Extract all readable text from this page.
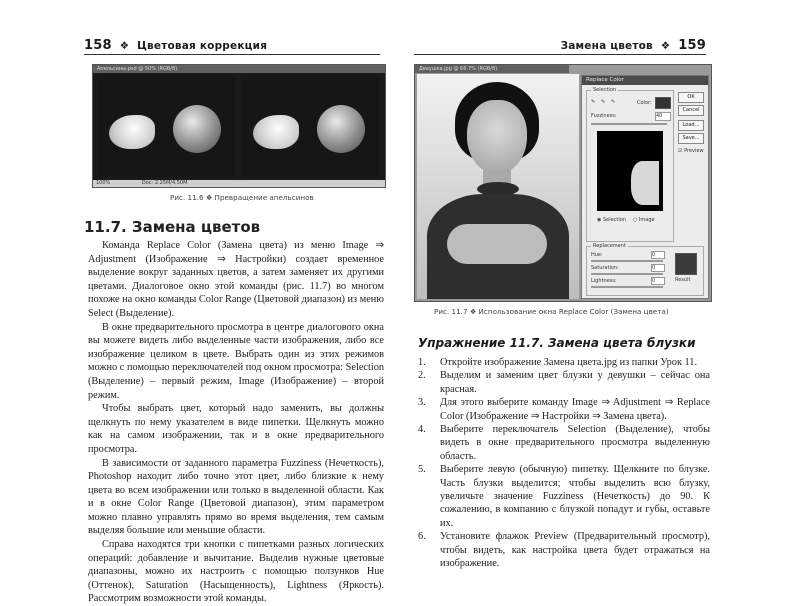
158 ❖ Цветовая коррекция
Апельсины.psd @ 50% (RGB/8)
100%	Doc: 2.25M/4.50M
Рис. 11.6 ❖ Превращение апельсинов
11.7. Замена цветов

Команда Replace Color (Замена цвета) из меню Image ⇒ Adjustment (Изображение ⇒ Настройки) создает временное выделение вокруг заданных цветов, а затем заменяет их другими цветами. Диалоговое окно этой команды (рис. 11.7) во многом похоже на окно команды Color Range (Цветовой диапазон) из меню Select (Выделение).

В окне предварительного просмотра в центре диалогового окна вы можете видеть либо выделенные части изображения, либо все изображение целиком в цвете. Выбрать один из этих режимов можно с помощью переключателей под окном просмотра: Selection (Выделение) – первый режим, Image (Изображение) – второй режим.

Чтобы выбрать цвет, который надо заменить, вы должны щелкнуть по нему указателем в виде пипетки. Щелкнуть можно как на самом изображении, так и в окне предварительного просмотра.

В зависимости от заданного параметра Fuzziness (Нечеткость), Photoshop находит либо точно этот цвет, либо близкие к нему цвета во всем изображении или только в выделенной области. Как и в окне Color Range (Цветовой диапазон), этим параметром можно плавно управлять прямо во время выделения, тем самым выделяя большие или меньшие области.

Справа находятся три кнопки с пипетками разных логических операций: добавление и вычитание. Выделив нужные цветовые диапазоны, можно их настроить с помощью ползунков Hue (Оттенок), Saturation (Насыщенность), Lightness (Яркость). Рассмотрим возможности этой команды.

Замена цветов ❖ 159
Девушка.jpg @ 66.7% (RGB/8)
Replace Color
Selection
✎ ✎ ✎	Color:
Fuzziness:	40
◉ Selection ○ Image
OK
Cancel
Load...
Save...
☑ Preview
Replacement
Hue:	0
Saturation:	0
Lightness:	0	Result
Рис. 11.7 ❖ Использование окна Replace Color (Замена цвета)
Упражнение 11.7. Замена цвета блузки
1. Откройте изображение Замена цвета.jpg из папки Урок 11.
2. Выделим и заменим цвет блузки у девушки – сейчас она красная.
3. Для этого выберите команду Image ⇒ Adjustment ⇒ Replace Color (Изображение ⇒ Настройки ⇒ Замена цвета).
4. Выберите переключатель Selection (Выделение), чтобы видеть в окне предварительного просмотра выделенную область.
5. Выберите левую (обычную) пипетку. Щелкните по блузке. Часть блузки выделится; чтобы выделить всю блузку, увеличьте значение Fuzziness (Нечеткость) до 90. К сожалению, в компанию с блузкой попадут и губы, оставьте их.
6. Установите флажок Preview (Предварительный просмотр), чтобы видеть, как настройка цвета будет отражаться на изображение.
